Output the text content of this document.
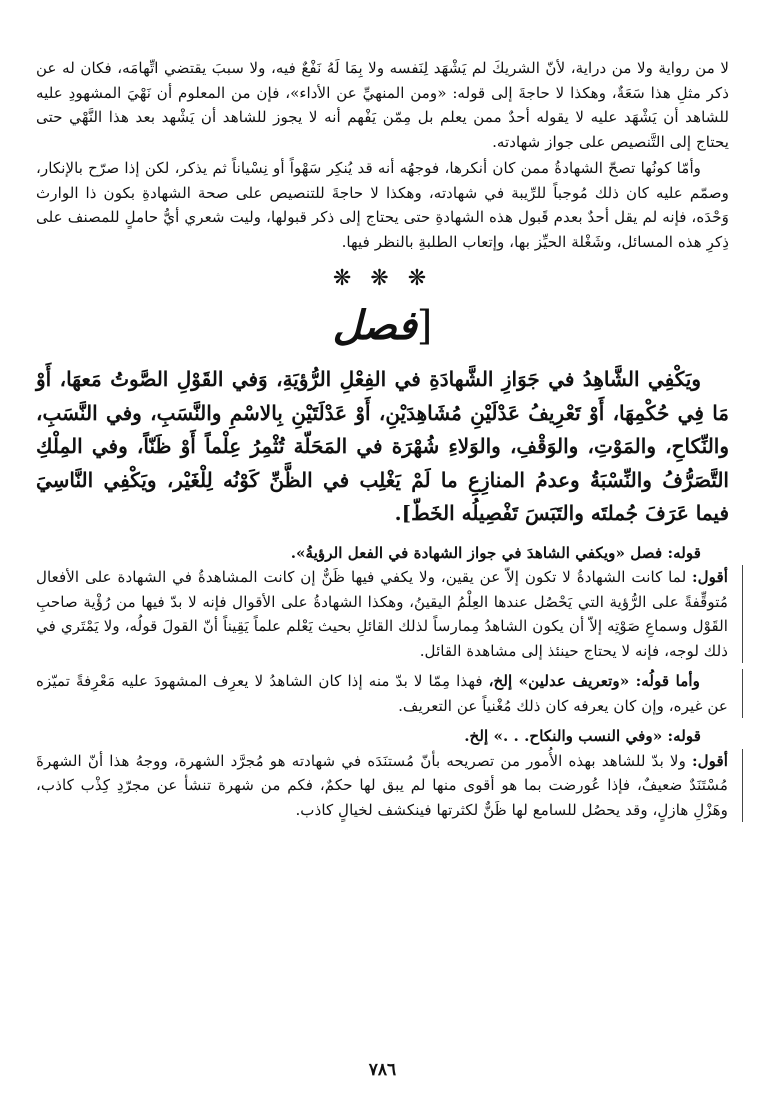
لا من رواية ولا من دراية، لأنّ الشريكَ لم يَشْهَد لِنَفسه ولا بِمَا لَهُ نَفْعٌ فيه، ولا سببَ يقتضي اتِّهامَه، فكان له عن ذكر مثلِ هذا سَعَةٌ، وهكذا لا حاجةَ إلى قوله: «ومن المنهيِّ عن الأداء»، فإن من المعلوم أن نَهْيَ المشهودِ عليه للشاهد أن يَشْهَد عليه لا يقوله أحدٌ ممن يعلم بل مِمّن يَفْهم أنه لا يجوز للشاهد أن يَشْهد بعد هذا النَّهْي حتى يحتاج إلى التَّنصيص على جواز شهادته.

وأمّا كونُها تصحّ الشهادةُ ممن كان أنكرها، فوجهُه أنه قد يُنكِر سَهْواً أو نِسْياناً ثم يذكر، لكن إذا صرّح بالإنكار، وصمّم عليه كان ذلك مُوجباً للرِّيبة في شهادته، وهكذا لا حاجةَ للتنصيص على صحة الشهادةِ بكون ذا الوارث وَحْدَه، فإنه لم يقل أحدٌ بعدم قَبول هذه الشهادةِ حتى يحتاج إلى ذكر قبولها، وليت شعري أيُّ حاملٍ للمصنف على ذِكرِ هذه المسائل، وشَغْلة الحيِّز بها، وإتعاب الطلبةِ بالنظر فيها.

❋ ❋ ❋
[فصل

ويَكْفِي الشَّاهِدُ في جَوَازِ الشَّهادَةِ في الفِعْلِ الرُّؤيَةِ، وَفي القَوْلِ الصَّوتُ مَعهَا، أَوْ مَا فِي حُكْمِهَا، أَوْ تَعْرِيفُ عَدْلَيْنِ مُشَاهِدَيْنِ، أَوْ عَدْلَتَيْنِ بِالاسْمِ والنَّسَبِ، وفي النَّسَبِ، والنِّكاحِ، والمَوْتِ، والوَقْفِ، والوَلاءِ شُهْرَة في المَحَلّة تُثْمِرُ عِلْماً أَوْ ظَنّاً، وفي المِلْكِ التَّصَرُّفُ والنِّسْبَةُ وعدمُ المنازِعِ ما لَمْ يَغْلِب في الظَّنِّ كَوْنُه لِلْغَيْر، ويَكْفِي النَّاسِيَ فيما عَرَفَ جُملتَه والتَبَسَ تَفْصِيلُه الخَطّ].

قوله: فصل «ويكفي الشاهدَ في جواز الشهادة في الفعل الرؤيةُ».

أقول: لما كانت الشهادةُ لا تكون إلاّ عن يقين، ولا يكفي فيها ظَنٌّ إن كانت المشاهدةُ في الشهادة على الأفعال مُتوقِّفةً على الرُّؤية التي يَحْصُل عندها العِلْمُ اليقينُ، وهكذا الشهادةُ على الأقوال فإنه لا بدّ فيها من رُؤْية صاحبِ القَوْل وسماعِ صَوْتِه إلاّ أن يكون الشاهدُ مِمارساً لذلك القائلِ بحيث يَعْلم علماً يَقِيناً أنّ القولَ قولُه، ولا يَمْتَري في ذلك لوجه، فإنه لا يحتاج حينئذ إلى مشاهدة القائل.

وأما قولُه: «وتعريف عدلين» إلخ، فهذا مِمّا لا بدّ منه إذا كان الشاهدُ لا يعرِف المشهودَ عليه مَعْرِفةً تميّزه عن غيره، وإن كان يعرفه كان ذلك مُغْنياً عن التعريف.

قوله: «وفي النسب والنكاح. . .» إلخ.

أقول: ولا بدّ للشاهد بهذه الأُمور من تصريحه بأنّ مُستنَدَه في شهادته هو مُجرَّد الشهرة، ووجهُ هذا أنّ الشهرةَ مُسْتَنَدٌ ضعيفٌ، فإذا عُورضت بما هو أقوى منها لم يبق لها حكمٌ، فكم من شهرة تنشأ عن مجرّدِ كِذْب كاذب، وهَزْلِ هازلٍ، وقد يحصُل للسامع لها ظَنٌّ لكثرتها فينكشف لخيالٍ كاذب.

٧٨٦
